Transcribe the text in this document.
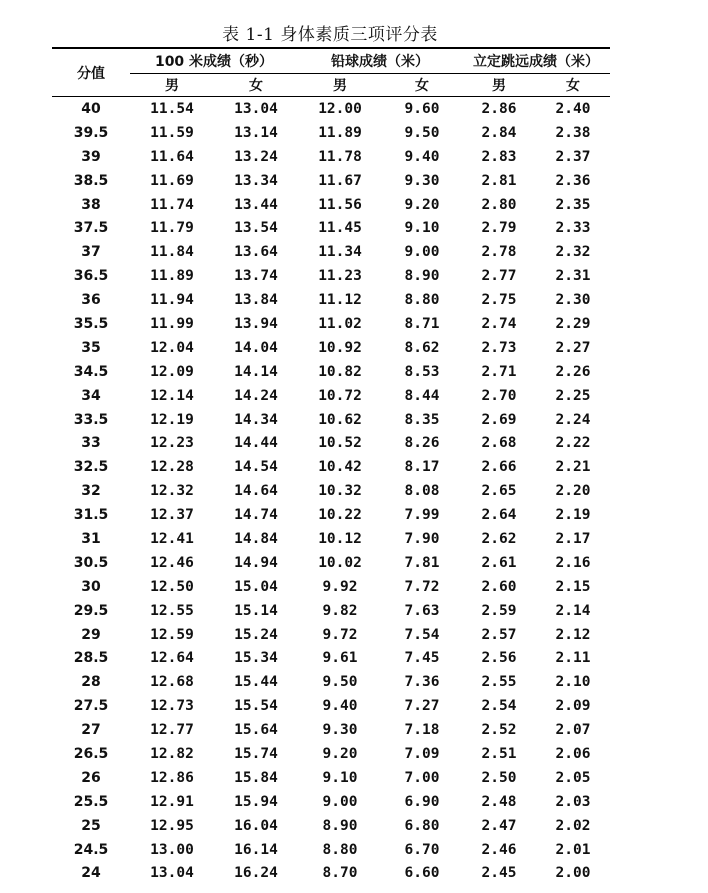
表 1-1 身体素质三项评分表
分值	100 米成绩（秒）		铅球成绩（米）		立定跳远成绩（米）	
	男	女	男	女	男	女
40	11.54	13.04	12.00	9.60	2.86	2.40
39.5	11.59	13.14	11.89	9.50	2.84	2.38
39	11.64	13.24	11.78	9.40	2.83	2.37
38.5	11.69	13.34	11.67	9.30	2.81	2.36
38	11.74	13.44	11.56	9.20	2.80	2.35
37.5	11.79	13.54	11.45	9.10	2.79	2.33
37	11.84	13.64	11.34	9.00	2.78	2.32
36.5	11.89	13.74	11.23	8.90	2.77	2.31
36	11.94	13.84	11.12	8.80	2.75	2.30
35.5	11.99	13.94	11.02	8.71	2.74	2.29
35	12.04	14.04	10.92	8.62	2.73	2.27
34.5	12.09	14.14	10.82	8.53	2.71	2.26
34	12.14	14.24	10.72	8.44	2.70	2.25
33.5	12.19	14.34	10.62	8.35	2.69	2.24
33	12.23	14.44	10.52	8.26	2.68	2.22
32.5	12.28	14.54	10.42	8.17	2.66	2.21
32	12.32	14.64	10.32	8.08	2.65	2.20
31.5	12.37	14.74	10.22	7.99	2.64	2.19
31	12.41	14.84	10.12	7.90	2.62	2.17
30.5	12.46	14.94	10.02	7.81	2.61	2.16
30	12.50	15.04	9.92	7.72	2.60	2.15
29.5	12.55	15.14	9.82	7.63	2.59	2.14
29	12.59	15.24	9.72	7.54	2.57	2.12
28.5	12.64	15.34	9.61	7.45	2.56	2.11
28	12.68	15.44	9.50	7.36	2.55	2.10
27.5	12.73	15.54	9.40	7.27	2.54	2.09
27	12.77	15.64	9.30	7.18	2.52	2.07
26.5	12.82	15.74	9.20	7.09	2.51	2.06
26	12.86	15.84	9.10	7.00	2.50	2.05
25.5	12.91	15.94	9.00	6.90	2.48	2.03
25	12.95	16.04	8.90	6.80	2.47	2.02
24.5	13.00	16.14	8.80	6.70	2.46	2.01
24	13.04	16.24	8.70	6.60	2.45	2.00
